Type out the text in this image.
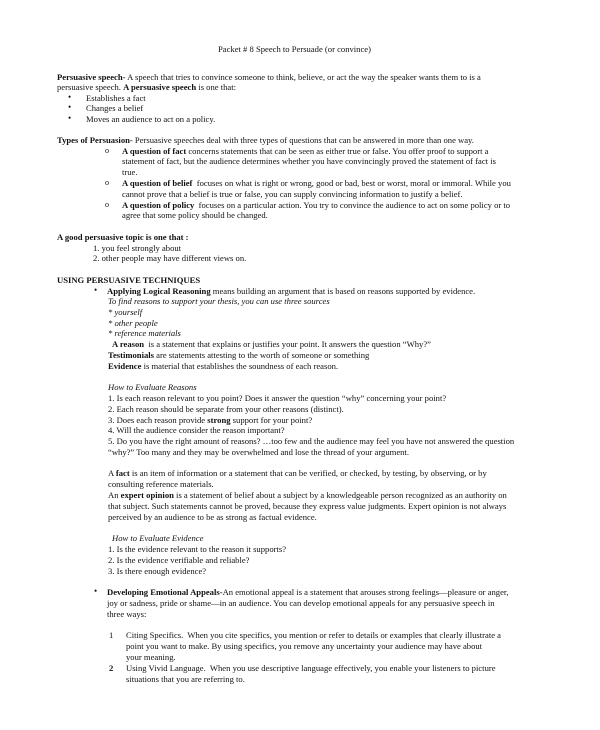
Packet # 8 Speech to Persuade (or convince)
Persuasive speech- A speech that tries to convince someone to think, believe, or act the way the speaker wants them to is a
persuasive speech. A persuasive speech is one that:
• Establishes a fact
• Changes a belief
• Moves an audience to act on a policy.
Types of Persuasion- Persuasive speeches deal with three types of questions that can be answered in more than one way.
o A question of fact concerns statements that can be seen as either true or false. You offer proof to support a
statement of fact, but the audience determines whether you have convincingly proved the statement of fact is
true.
o A question of belief  focuses on what is right or wrong, good or bad, best or worst, moral or immoral. While you
cannot prove that a belief is true or false, you can supply convincing information to justify a belief.
o A question of policy  focuses on a particular action. You try to convince the audience to act on some policy or to
agree that some policy should be changed.
A good persuasive topic is one that :
1. you feel strongly about
2. other people may have different views on.
USING PERSUASIVE TECHNIQUES
• Applying Logical Reasoning means building an argument that is based on reasons supported by evidence.
To find reasons to support your thesis, you can use three sources
* yourself
* other people
* reference materials
A reason  is a statement that explains or justifies your point. It answers the question “Why?”
Testimonials are statements attesting to the worth of someone or something
Evidence is material that establishes the soundness of each reason.
How to Evaluate Reasons
1. Is each reason relevant to you point? Does it answer the question “why” concerning your point?
2. Each reason should be separate from your other reasons (distinct).
3. Does each reason provide strong support for your point?
4. Will the audience consider the reason important?
5. Do you have the right amount of reasons? …too few and the audience may feel you have not answered the question
“why?” Too many and they may be overwhelmed and lose the thread of your argument.
A fact is an item of information or a statement that can be verified, or checked, by testing, by observing, or by
consulting reference materials.
An expert opinion is a statement of belief about a subject by a knowledgeable person recognized as an authority on
that subject. Such statements cannot be proved, because they express value judgments. Expert opinion is not always
perceived by an audience to be as strong as factual evidence.
How to Evaluate Evidence
1. Is the evidence relevant to the reason it supports?
2. Is the evidence verifiable and reliable?
3. Is there enough evidence?
• Developing Emotional Appeals-An emotional appeal is a statement that arouses strong feelings—pleasure or anger,
joy or sadness, pride or shame—in an audience. You can develop emotional appeals for any persuasive speech in
three ways:
1 Citing Specifics.  When you cite specifics, you mention or refer to details or examples that clearly illustrate a
point you want to make. By using specifics, you remove any uncertainty your audience may have about
your meaning.
2 Using Vivid Language.  When you use descriptive language effectively, you enable your listeners to picture
situations that you are referring to.
